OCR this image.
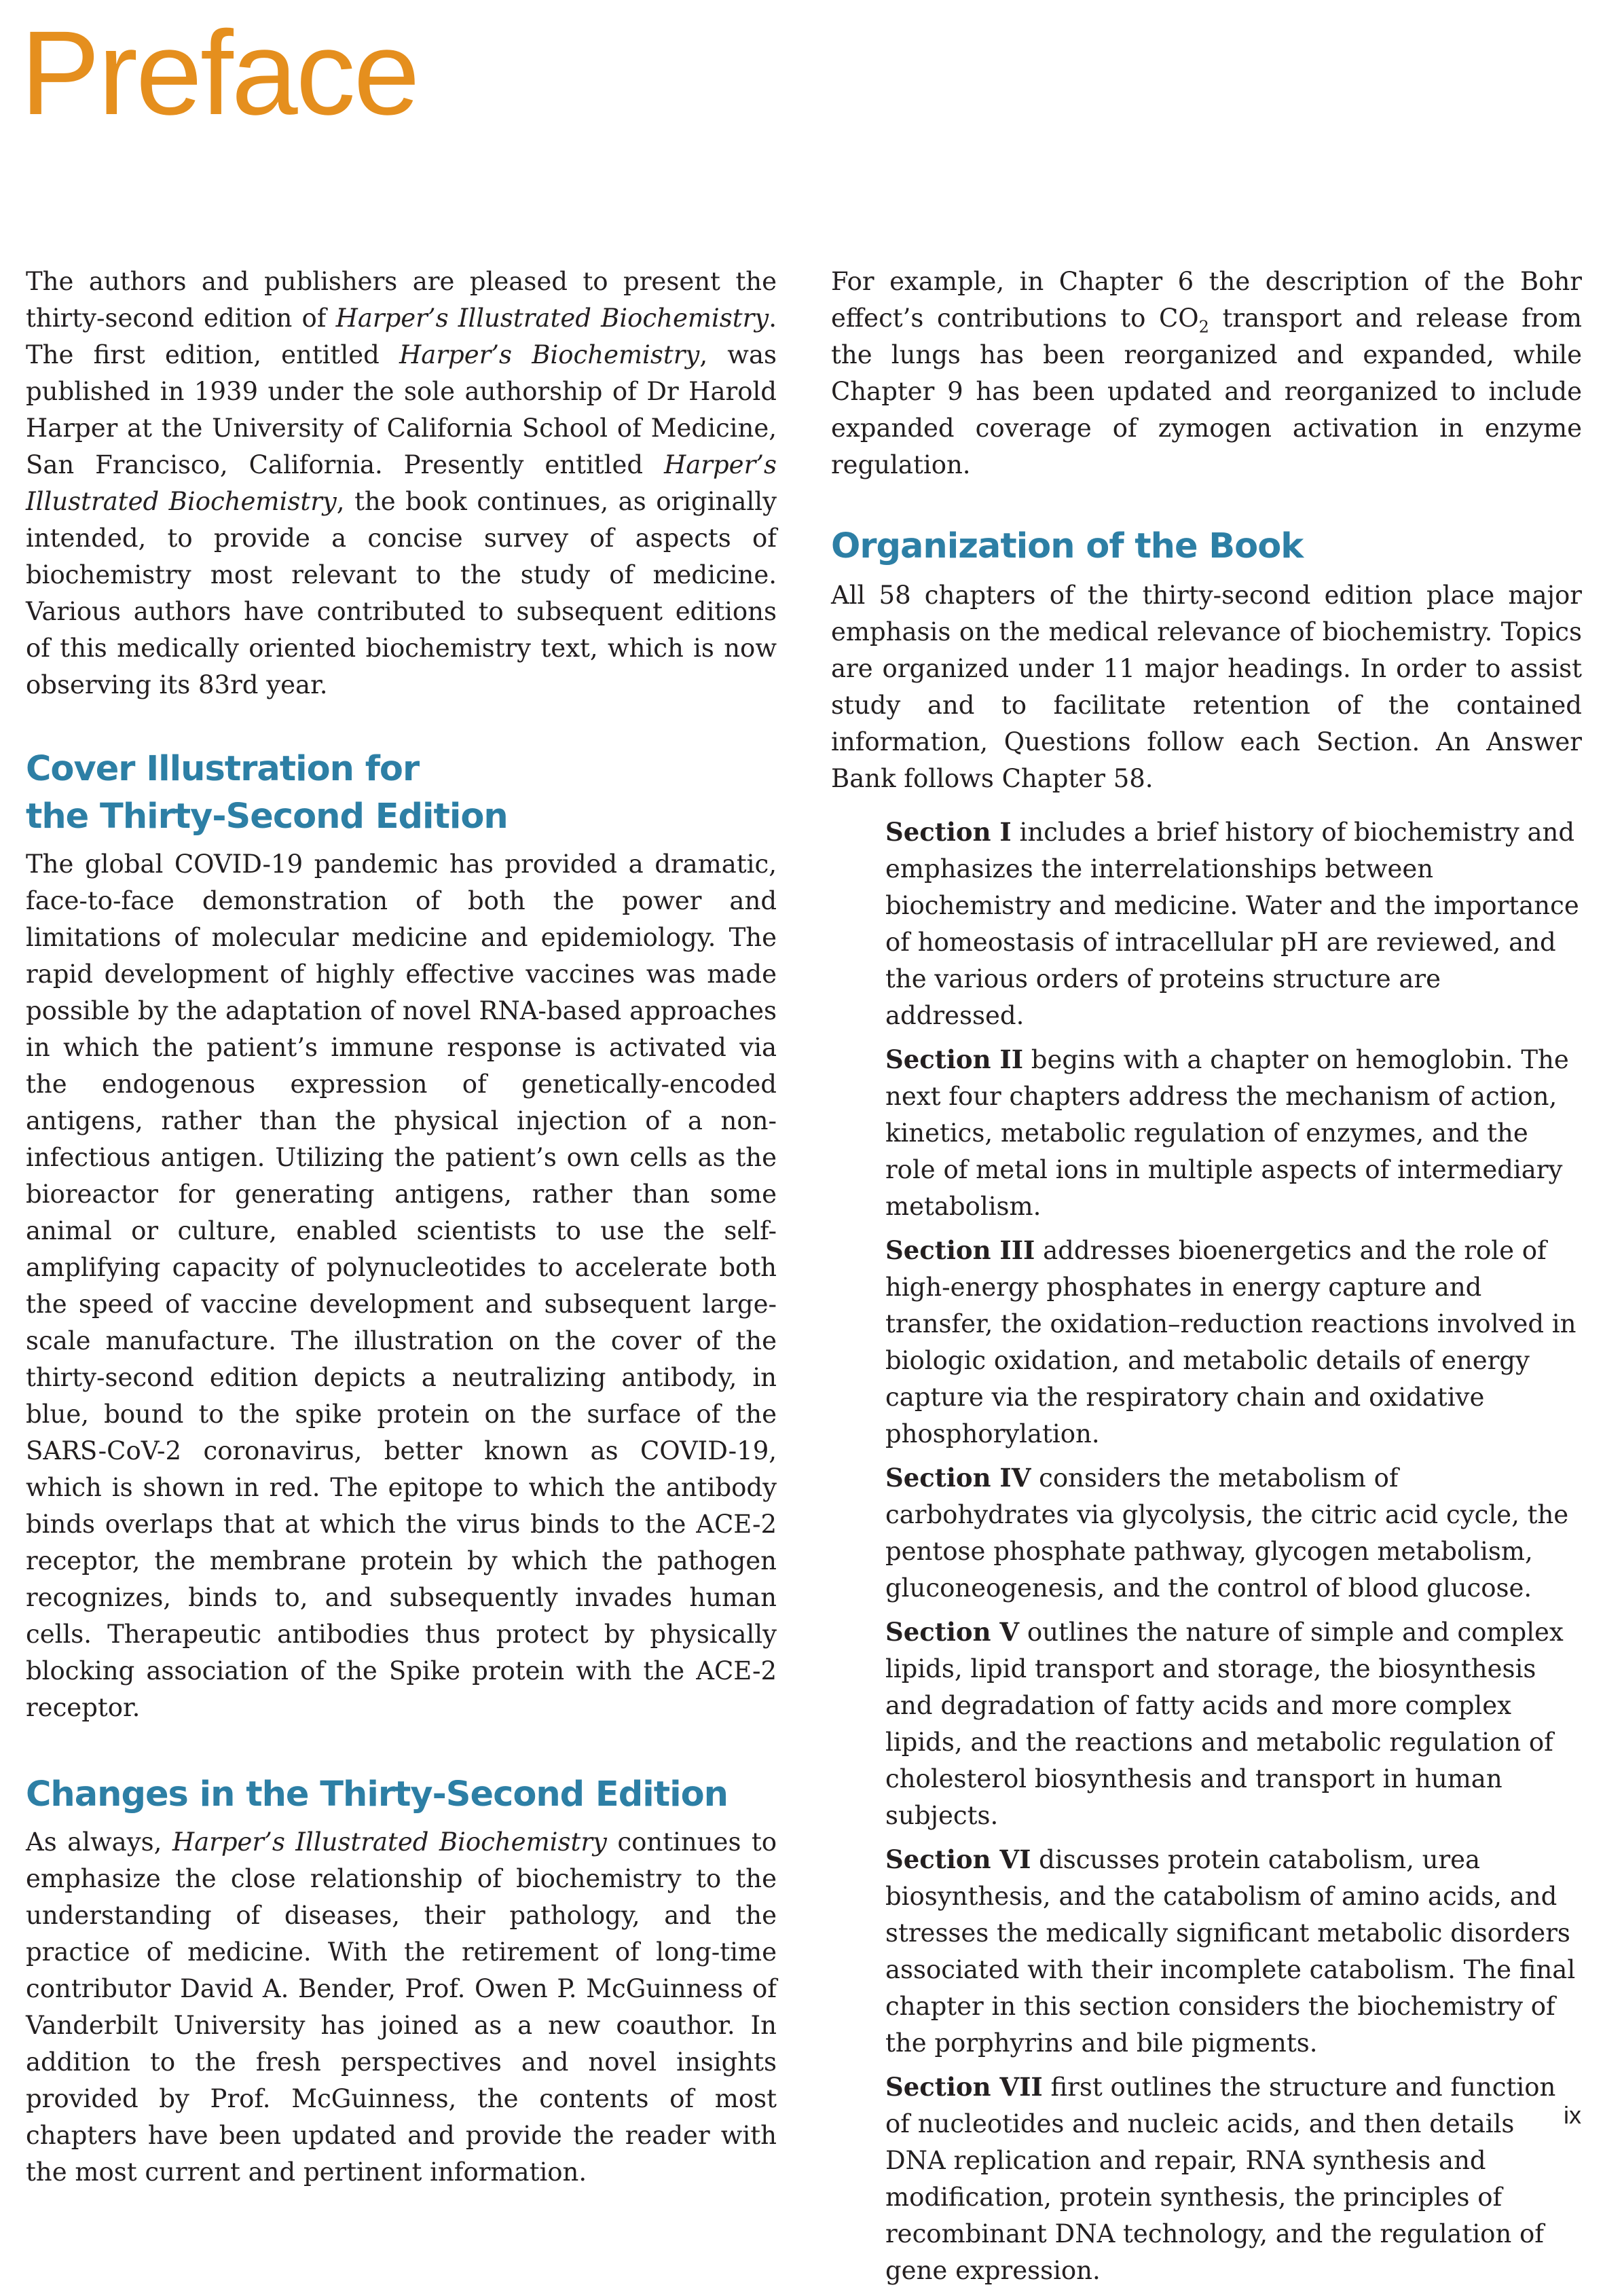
Preface

The authors and publishers are pleased to present the thirty-second edition of Harper’s Illustrated Biochemistry. The first edition, entitled Harper’s Biochemistry, was published in 1939 under the sole authorship of Dr Harold Harper at the University of California School of Medicine, San Francisco, California. Presently entitled Harper’s Illustrated Biochemistry, the book continues, as originally intended, to provide a concise survey of aspects of biochemistry most relevant to the study of medicine. Various authors have contributed to subsequent editions of this medically oriented biochemistry text, which is now observing its 83rd year.

Cover Illustration for
the Thirty-Second Edition

The global COVID-19 pandemic has provided a dramatic, face-to-face demonstration of both the power and limitations of molecular medicine and epidemiology. The rapid development of highly effective vaccines was made possible by the adaptation of novel RNA-based approaches in which the patient’s immune response is activated via the endogenous expression of genetically-encoded antigens, rather than the physical injection of a non-infectious antigen. Utilizing the patient’s own cells as the bioreactor for generating antigens, rather than some animal or culture, enabled scientists to use the self-amplifying capacity of polynucleotides to accelerate both the speed of vaccine development and subsequent large-scale manufacture. The illustration on the cover of the thirty-second edition depicts a neutralizing antibody, in blue, bound to the spike protein on the surface of the SARS-CoV-2 coronavirus, better known as COVID-19, which is shown in red. The epitope to which the antibody binds overlaps that at which the virus binds to the ACE-2 receptor, the membrane protein by which the pathogen recognizes, binds to, and subsequently invades human cells. Therapeutic antibodies thus protect by physically blocking association of the Spike protein with the ACE-2 receptor.

Changes in the Thirty-Second Edition

As always, Harper’s Illustrated Biochemistry continues to emphasize the close relationship of biochemistry to the understanding of diseases, their pathology, and the practice of medicine. With the retirement of long-time contributor David A. Bender, Prof. Owen P. McGuinness of Vanderbilt University has joined as a new coauthor. In addition to the fresh perspectives and novel insights provided by Prof. McGuinness, the contents of most chapters have been updated and provide the reader with the most current and pertinent information.

For example, in Chapter 6 the description of the Bohr effect’s contributions to $CO_2$ transport and release from the lungs has been reorganized and expanded, while Chapter 9 has been updated and reorganized to include expanded coverage of zymogen activation in enzyme regulation.

Organization of the Book

All 58 chapters of the thirty-second edition place major emphasis on the medical relevance of biochemistry. Topics are organized under 11 major headings. In order to assist study and to facilitate retention of the contained information, Questions follow each Section. An Answer Bank follows Chapter 58.

Section I includes a brief history of biochemistry and emphasizes the interrelationships between biochemistry and medicine. Water and the importance of homeostasis of intracellular pH are reviewed, and the various orders of proteins structure are addressed.

Section II begins with a chapter on hemoglobin. The next four chapters address the mechanism of action, kinetics, metabolic regulation of enzymes, and the role of metal ions in multiple aspects of intermediary metabolism.

Section III addresses bioenergetics and the role of high-energy phosphates in energy capture and transfer, the oxidation–reduction reactions involved in biologic oxidation, and metabolic details of energy capture via the respiratory chain and oxidative phosphorylation.

Section IV considers the metabolism of carbohydrates via glycolysis, the citric acid cycle, the pentose phosphate pathway, glycogen metabolism, gluconeogenesis, and the control of blood glucose.

Section V outlines the nature of simple and complex lipids, lipid transport and storage, the biosynthesis and degradation of fatty acids and more complex lipids, and the reactions and metabolic regulation of cholesterol biosynthesis and transport in human subjects.

Section VI discusses protein catabolism, urea biosynthesis, and the catabolism of amino acids, and stresses the medically significant metabolic disorders associated with their incomplete catabolism. The final chapter in this section considers the biochemistry of the porphyrins and bile pigments.

Section VII first outlines the structure and function of nucleotides and nucleic acids, and then details DNA replication and repair, RNA synthesis and modification, protein synthesis, the principles of recombinant DNA technology, and the regulation of gene expression.

ix
